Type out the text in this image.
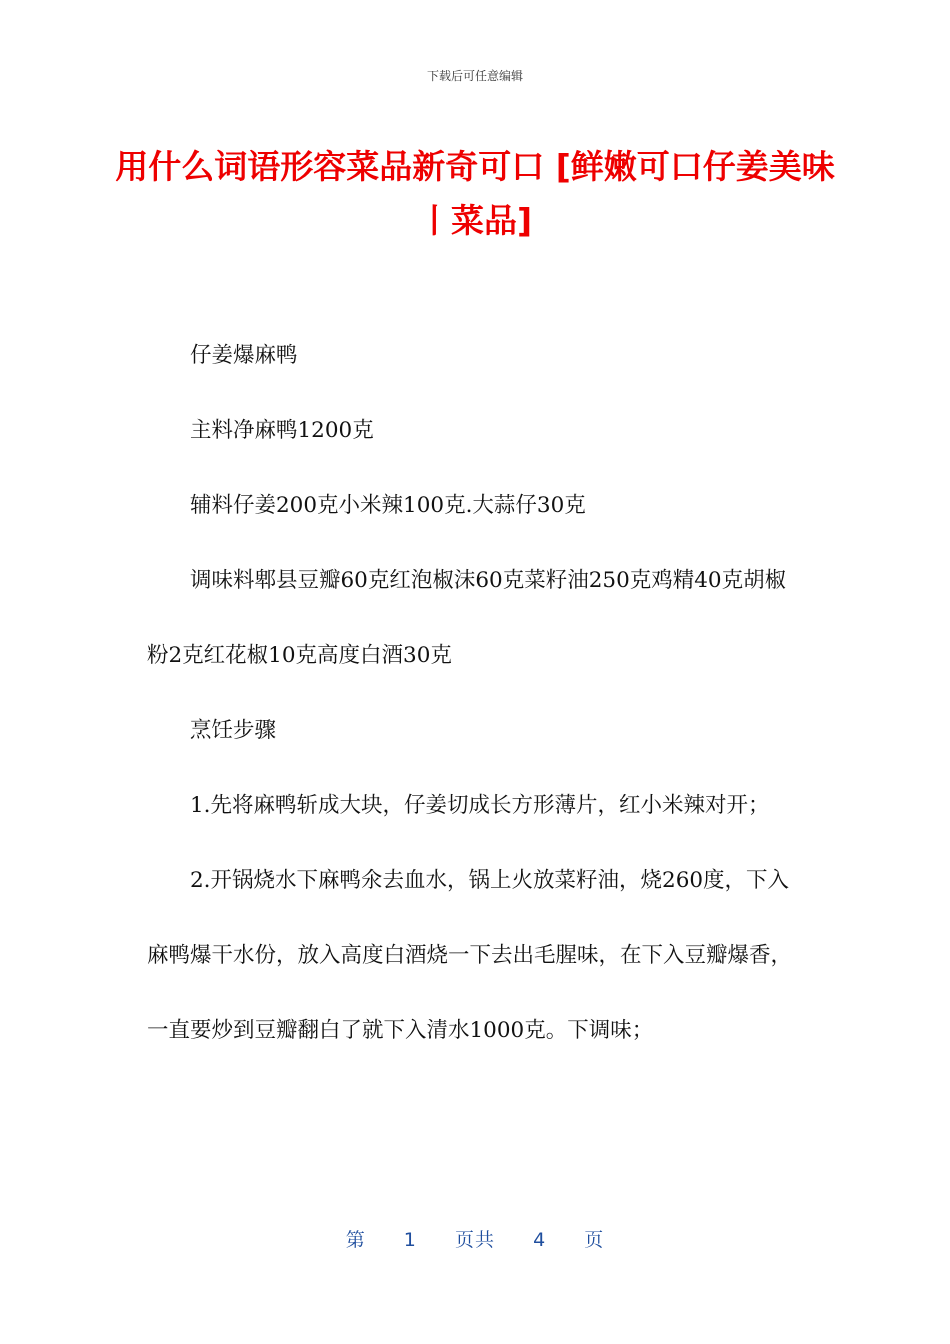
下载后可任意编辑
用什么词语形容菜品新奇可口 [鲜嫩可口仔姜美味丨菜品]

仔姜爆麻鸭

主料净麻鸭1200克

辅料仔姜200克小米辣100克.大蒜仔30克

调味料郫县豆瓣60克红泡椒沫60克菜籽油250克鸡精40克胡椒粉2克红花椒10克高度白酒30克

烹饪步骤

1.先将麻鸭斩成大块，仔姜切成长方形薄片，红小米辣对开；

2.开锅烧水下麻鸭氽去血水，锅上火放菜籽油，烧260度，下入麻鸭爆干水份，放入高度白酒烧一下去出毛腥味，在下入豆瓣爆香，一直要炒到豆瓣翻白了就下入清水1000克。下调味；

第 1 页共 4 页
